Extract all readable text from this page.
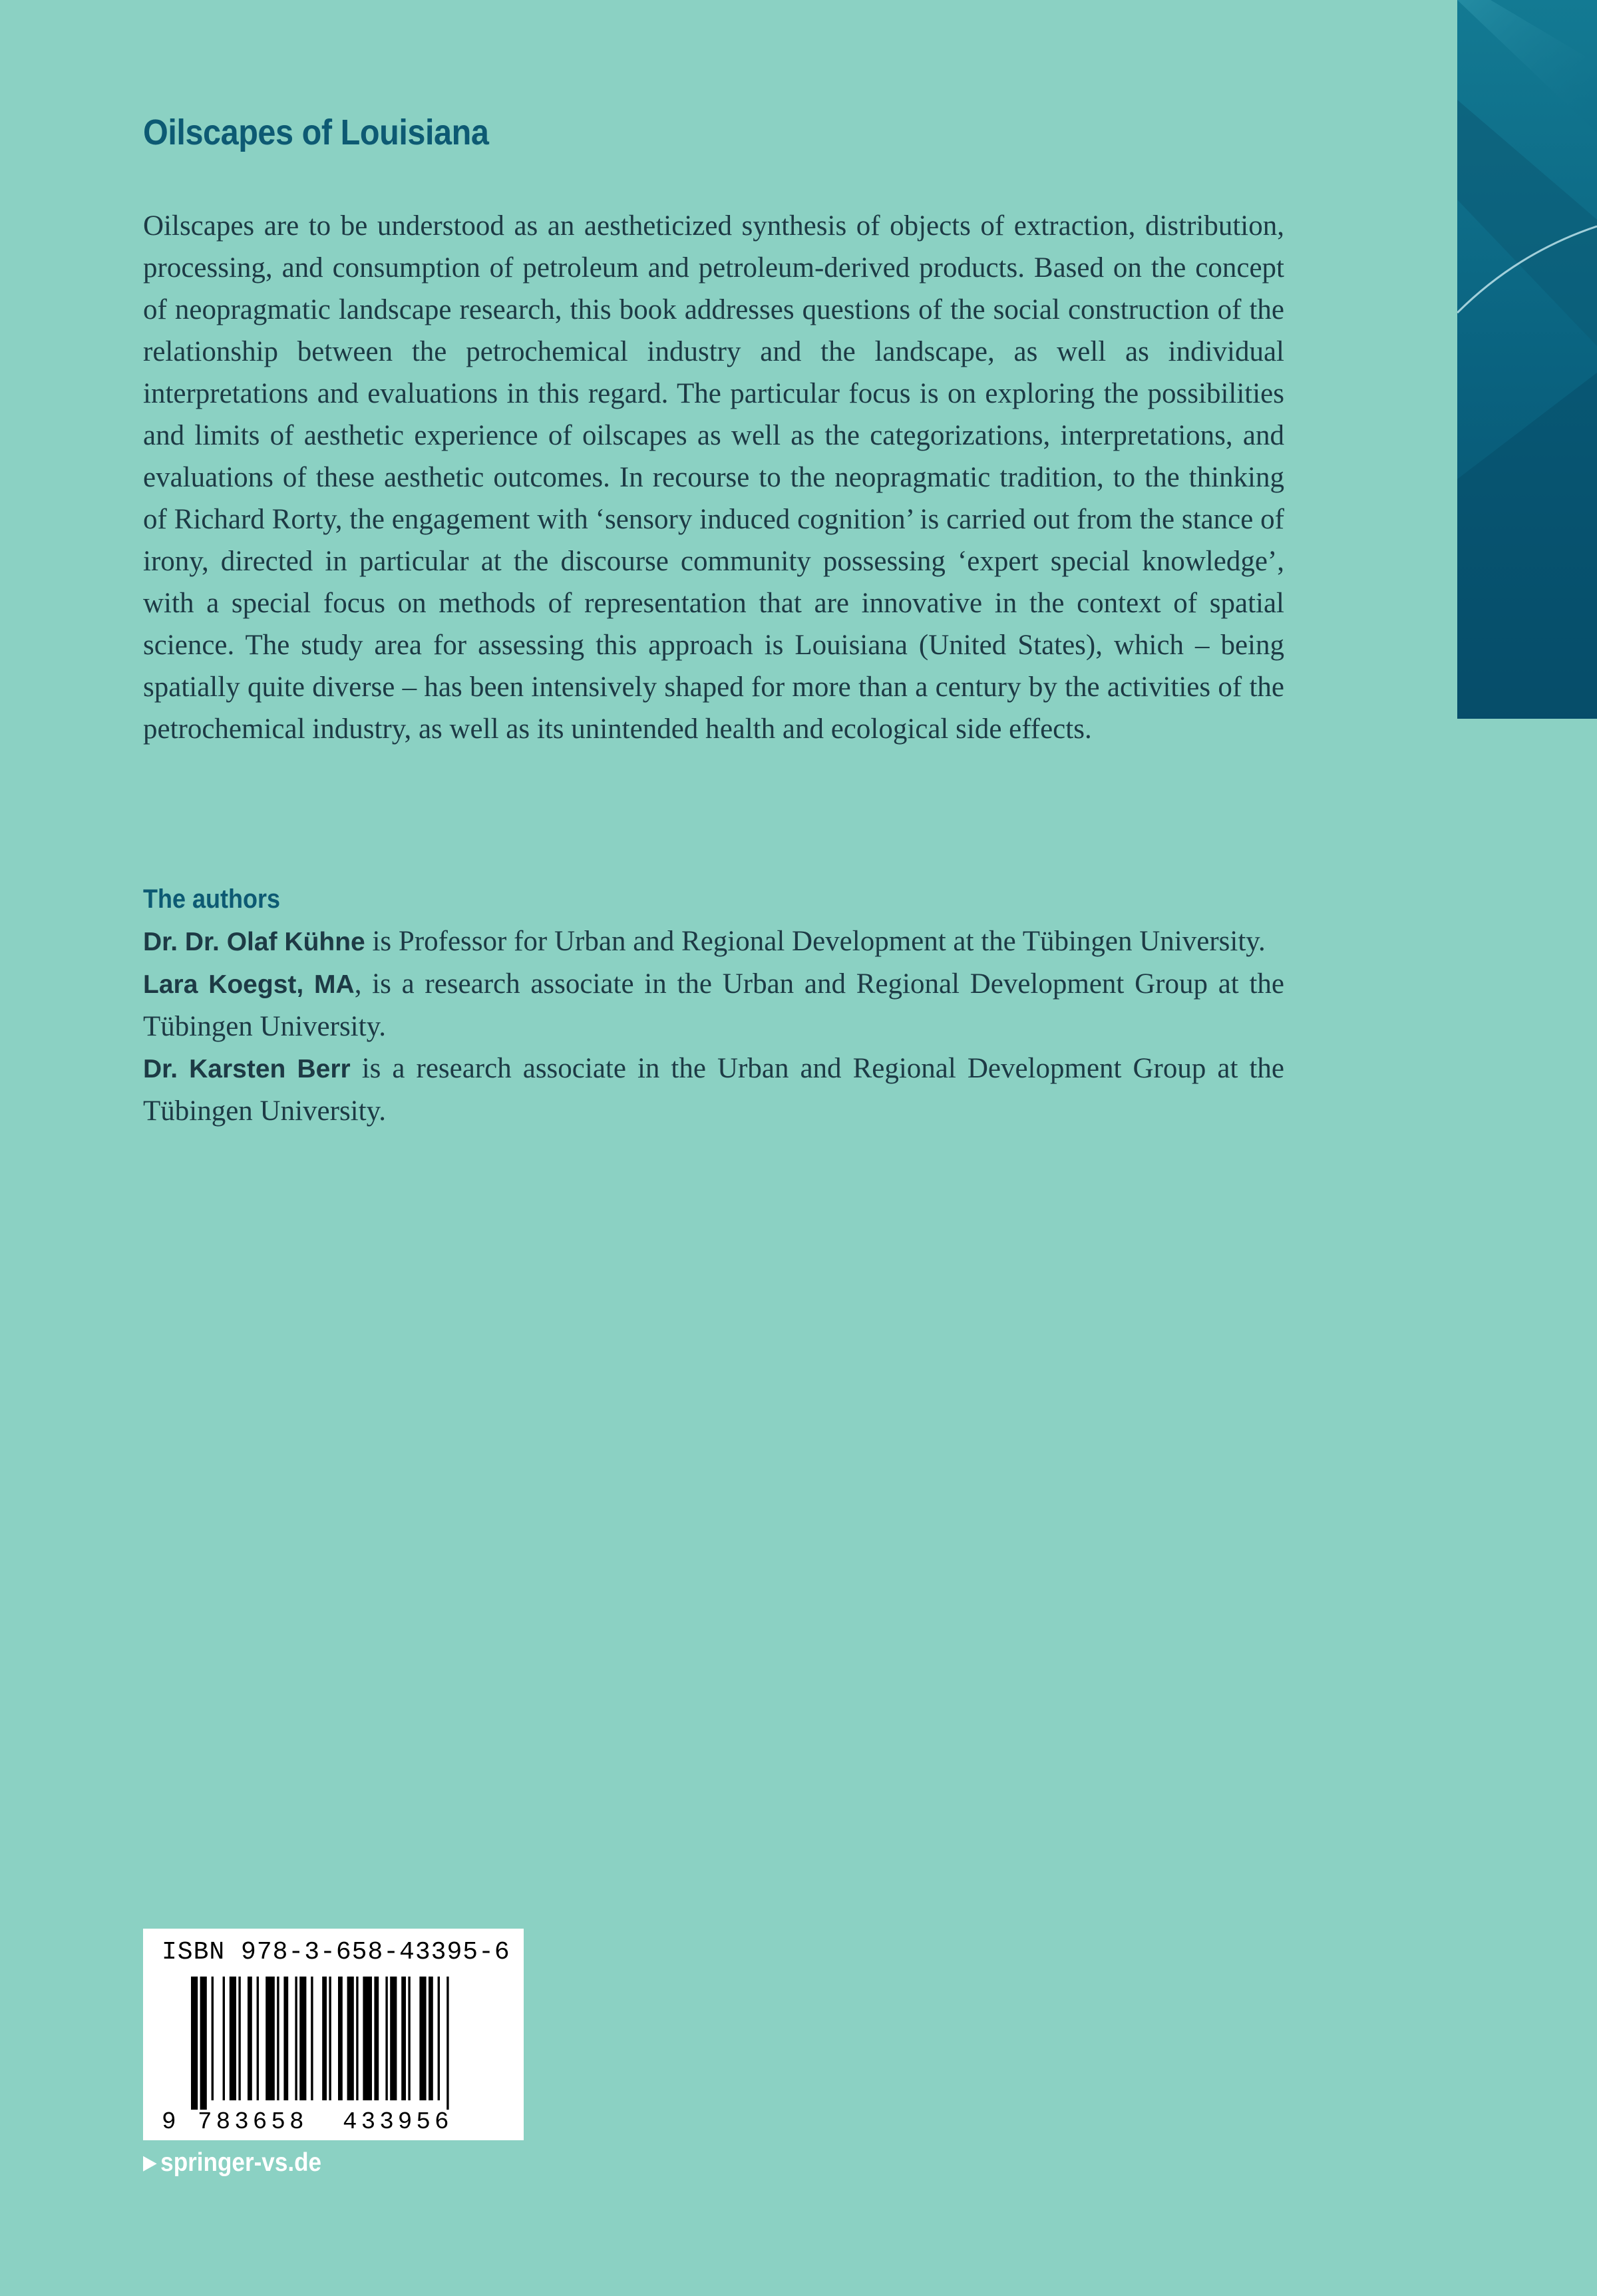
Oilscapes of Louisiana

Oilscapes are to be understood as an aestheticized synthesis of objects of extraction, distribution, processing, and consumption of petroleum and petroleum-derived products. Based on the concept of neopragmatic landscape research, this book addresses questions of the social construction of the relationship between the petrochemical industry and the landscape, as well as individual interpretations and evaluations in this regard. The particular focus is on exploring the possibilities and limits of aesthetic experience of oilscapes as well as the categorizations, interpretations, and evaluations of these aesthetic outcomes. In recourse to the neopragmatic tradition, to the thinking of Richard Rorty, the engagement with ‘sensory induced cognition’ is carried out from the stance of irony, directed in particular at the discourse community possessing ‘expert special knowledge’, with a special focus on methods of representation that are innovative in the context of spatial science. The study area for assessing this approach is Louisiana (United States), which – being spatially quite diverse – has been intensively shaped for more than a century by the activities of the petrochemical industry, as well as its unintended health and ecological side effects.

The authors

Dr. Dr. Olaf Kühne is Professor for Urban and Regional Development at the Tübingen University.

Lara Koegst, MA, is a research associate in the Urban and Regional Development Group at the Tübingen University.

Dr. Karsten Berr is a research associate in the Urban and Regional Development Group at the Tübingen University.

ISBN 978-3-658-43395-6
9 783658 433956

▶ springer-vs.de
